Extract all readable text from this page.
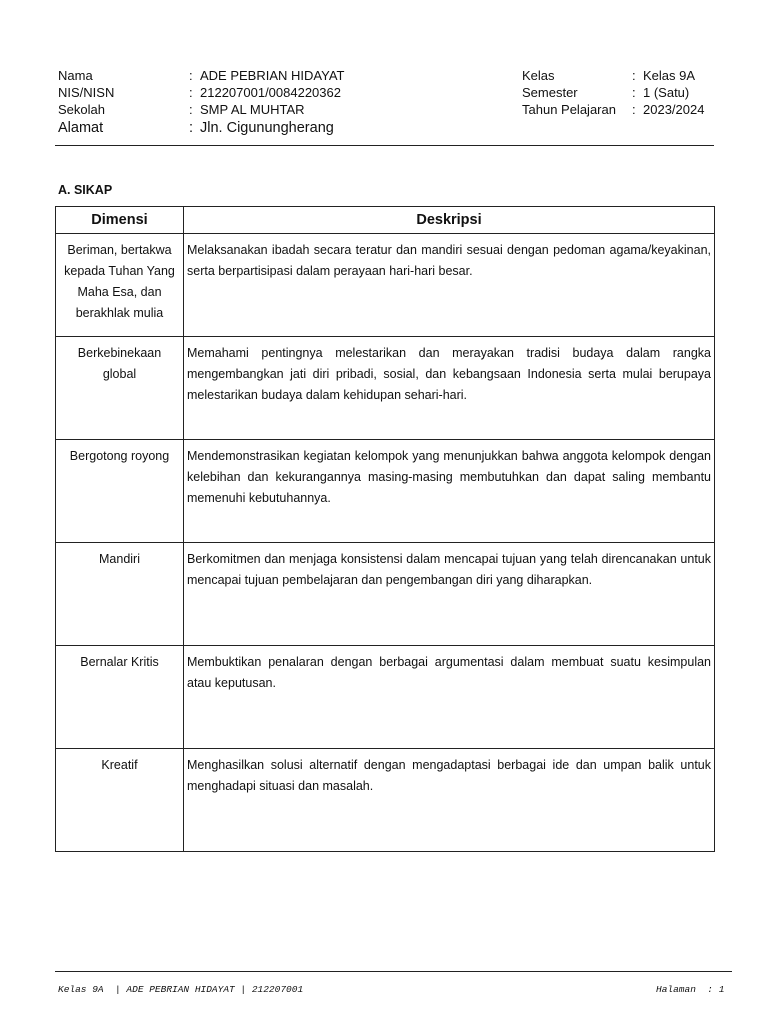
Nama	: ADE PEBRIAN HIDAYAT	Kelas	: Kelas 9A
NIS/NISN	: 212207001/0084220362	Semester	: 1 (Satu)
Sekolah	: SMP AL MUHTAR	Tahun Pelajaran : 2023/2024
Alamat	: Jln. Cigunungherang
A. SIKAP
Dimensi	Deskripsi

Beriman, bertakwa kepada Tuhan Yang Maha Esa, dan berakhlak mulia	Melaksanakan ibadah secara teratur dan mandiri sesuai dengan pedoman agama/keyakinan, serta berpartisipasi dalam perayaan hari-hari besar.

Berkebinekaan global	Memahami pentingnya melestarikan dan merayakan tradisi budaya dalam rangka mengembangkan jati diri pribadi, sosial, dan kebangsaan Indonesia serta mulai berupaya melestarikan budaya dalam kehidupan sehari-hari.

Bergotong royong	Mendemonstrasikan kegiatan kelompok yang menunjukkan bahwa anggota kelompok dengan kelebihan dan kekurangannya masing-masing membutuhkan dan dapat saling membantu memenuhi kebutuhannya.

Mandiri	Berkomitmen dan menjaga konsistensi dalam mencapai tujuan yang telah direncanakan untuk mencapai tujuan pembelajaran dan pengembangan diri yang diharapkan.

Bernalar Kritis	Membuktikan penalaran dengan berbagai argumentasi dalam membuat suatu kesimpulan atau keputusan.

Kreatif	Menghasilkan solusi alternatif dengan mengadaptasi berbagai ide dan umpan balik untuk menghadapi situasi dan masalah.
Kelas 9A  | ADE PEBRIAN HIDAYAT | 212207001	Halaman  : 1
